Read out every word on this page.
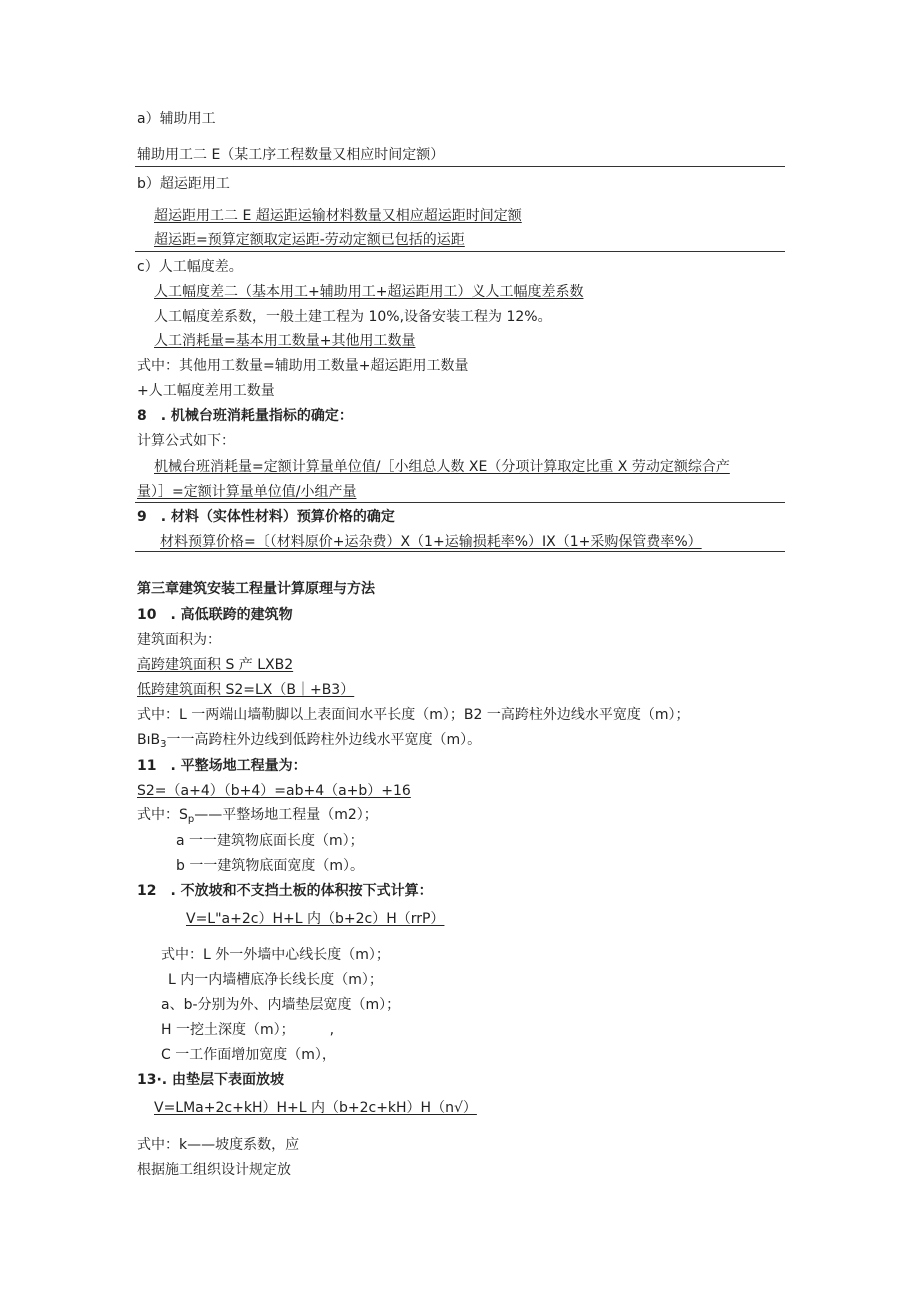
a）辅助用工
辅助用工二 E（某工序工程数量又相应时间定额）
b）超运距用工
超运距用工二 E 超运距运输材料数量又相应超运距时间定额
超运距=预算定额取定运距-劳动定额已包括的运距
c）人工幅度差。
人工幅度差二（基本用工+辅助用工+超运距用工）义人工幅度差系数
人工幅度差系数，一般土建工程为 10%,设备安装工程为 12%。
人工消耗量=基本用工数量+其他用工数量
式中：其他用工数量=辅助用工数量+超运距用工数量
+人工幅度差用工数量
8　. 机械台班消耗量指标的确定：
计算公式如下：
机械台班消耗量=定额计算量单位值/［小组总人数 XE（分项计算取定比重 X 劳动定额综合产
量）］=定额计算量单位值/小组产量
9　. 材料（实体性材料）预算价格的确定
材料预算价格=〔（材料原价+运杂费）X（1+运输损耗率%）IX（1+采购保管费率%）
第三章建筑安装工程量计算原理与方法
10　. 高低联跨的建筑物
建筑面积为：
高跨建筑面积 S 产 LXB2
低跨建筑面积 S2=LX（B｜+B3）
式中：L 一两端山墙勒脚以上表面间水平长度（m）；B2 一高跨柱外边线水平宽度（m）；
BıB$_3$一一高跨柱外边线到低跨柱外边线水平宽度（m）。
11　. 平整场地工程量为：
S2=（a+4）（b+4）=ab+4（a+b）+16
式中：$S_p——$平整场地工程量（m2）；
a 一一建筑物底面长度（m）；
b 一一建筑物底面宽度（m）。
12　. 不放坡和不支挡土板的体积按下式计算：
V=L"a+2c）H+L 内（b+2c）H（rrP）
式中：L 外一外墙中心线长度（m）；
L 内一内墙槽底净长线长度（m）；
a、b-分别为外、内墙垫层宽度（m）；
H 一挖土深度（m）；　　　,
C 一工作面增加宽度（m），
13·. 由垫层下表面放坡
V=LMa+2c+kH）H+L 内（b+2c+kH）H（n√）
式中：k——坡度系数，应
根据施工组织设计规定放
